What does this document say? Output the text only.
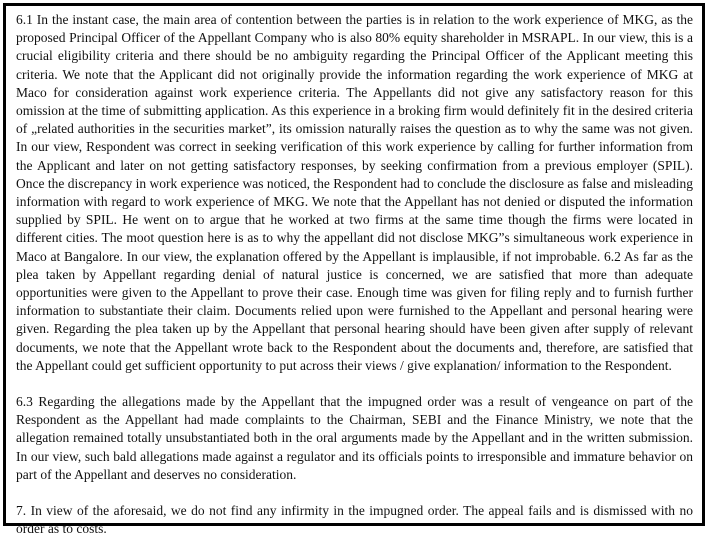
6.1 In the instant case, the main area of contention between the parties is in relation to the work experience of MKG, as the proposed Principal Officer of the Appellant Company who is also 80% equity shareholder in MSRAPL. In our view, this is a crucial eligibility criteria and there should be no ambiguity regarding the Principal Officer of the Applicant meeting this criteria. We note that the Applicant did not originally provide the information regarding the work experience of MKG at Maco for consideration against work experience criteria. The Appellants did not give any satisfactory reason for this omission at the time of submitting application. As this experience in a broking firm would definitely fit in the desired criteria of „related authorities in the securities market”, its omission naturally raises the question as to why the same was not given. In our view, Respondent was correct in seeking verification of this work experience by calling for further information from the Applicant and later on not getting satisfactory responses, by seeking confirmation from a previous employer (SPIL). Once the discrepancy in work experience was noticed, the Respondent had to conclude the disclosure as false and misleading information with regard to work experience of MKG. We note that the Appellant has not denied or disputed the information supplied by SPIL. He went on to argue that he worked at two firms at the same time though the firms were located in different cities. The moot question here is as to why the appellant did not disclose MKG”s simultaneous work experience in Maco at Bangalore. In our view, the explanation offered by the Appellant is implausible, if not improbable. 6.2 As far as the plea taken by Appellant regarding denial of natural justice is concerned, we are satisfied that more than adequate opportunities were given to the Appellant to prove their case. Enough time was given for filing reply and to furnish further information to substantiate their claim. Documents relied upon were furnished to the Appellant and personal hearing were given. Regarding the plea taken up by the Appellant that personal hearing should have been given after supply of relevant documents, we note that the Appellant wrote back to the Respondent about the documents and, therefore, are satisfied that the Appellant could get sufficient opportunity to put across their views / give explanation/ information to the Respondent.

6.3 Regarding the allegations made by the Appellant that the impugned order was a result of vengeance on part of the Respondent as the Appellant had made complaints to the Chairman, SEBI and the Finance Ministry, we note that the allegation remained totally unsubstantiated both in the oral arguments made by the Appellant and in the written submission. In our view, such bald allegations made against a regulator and its officials points to irresponsible and immature behavior on part of the Appellant and deserves no consideration.

7. In view of the aforesaid, we do not find any infirmity in the impugned order. The appeal fails and is dismissed with no order as to costs.
